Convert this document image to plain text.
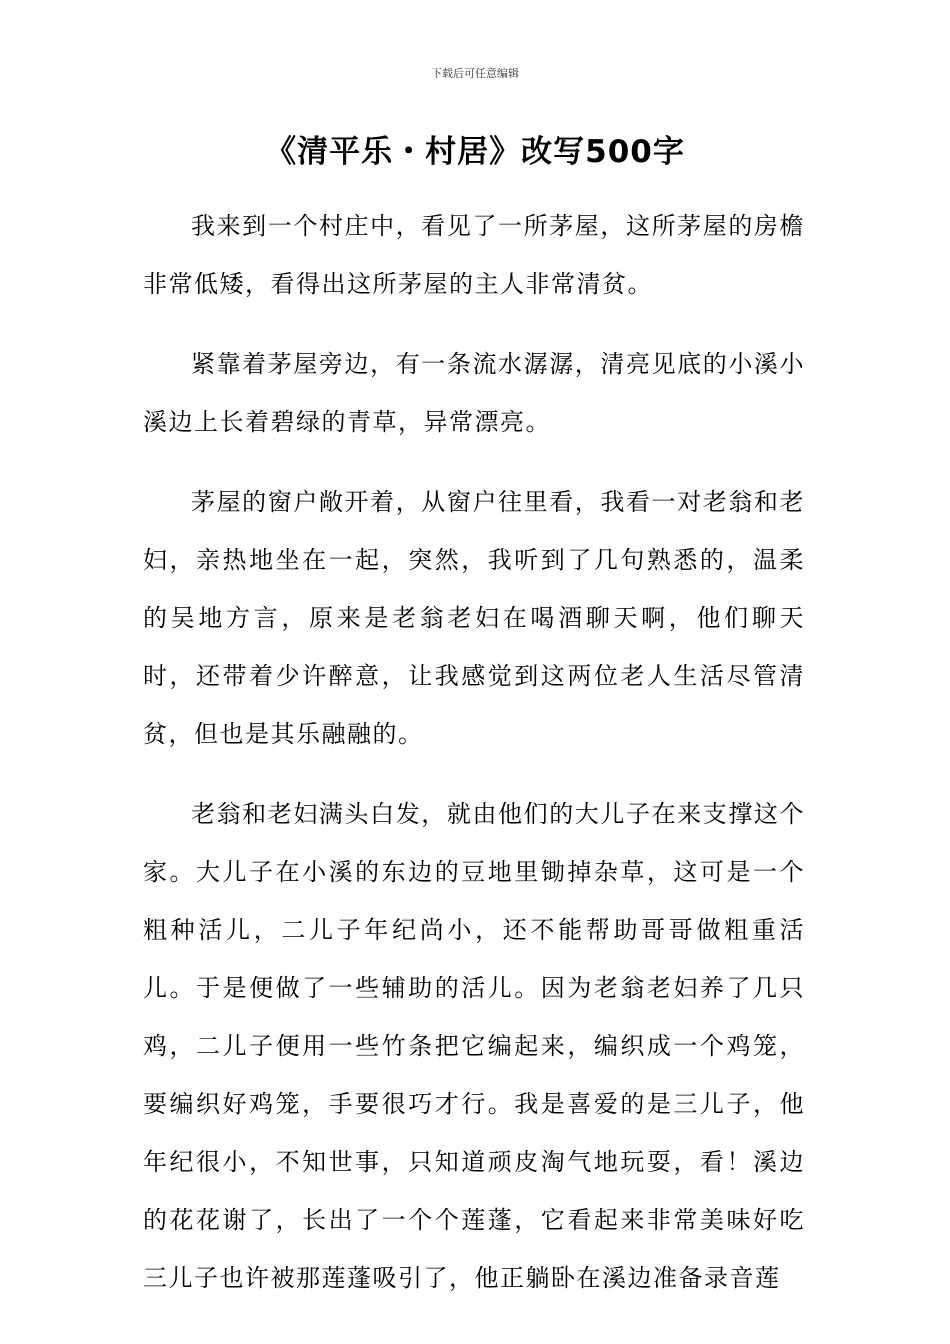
下载后可任意编辑
《清平乐・村居》改写500字

我来到一个村庄中，看见了一所茅屋，这所茅屋的房檐非常低矮，看得出这所茅屋的主人非常清贫。

紧靠着茅屋旁边，有一条流水潺潺，清亮见底的小溪小溪边上长着碧绿的青草，异常漂亮。

茅屋的窗户敞开着，从窗户往里看，我看一对老翁和老妇，亲热地坐在一起，突然，我听到了几句熟悉的，温柔的吴地方言，原来是老翁老妇在喝酒聊天啊，他们聊天时，还带着少许醉意，让我感觉到这两位老人生活尽管清贫，但也是其乐融融的。

老翁和老妇满头白发，就由他们的大儿子在来支撑这个家。大儿子在小溪的东边的豆地里锄掉杂草，这可是一个粗种活儿，二儿子年纪尚小，还不能帮助哥哥做粗重活儿。于是便做了一些辅助的活儿。因为老翁老妇养了几只鸡，二儿子便用一些竹条把它编起来，编织成一个鸡笼，要编织好鸡笼，手要很巧才行。我是喜爱的是三儿子，他年纪很小，不知世事，只知道顽皮淘气地玩耍，看！溪边的花花谢了，长出了一个个莲蓬，它看起来非常美味好吃三儿子也许被那莲蓬吸引了，他正躺卧在溪边准备录音莲
